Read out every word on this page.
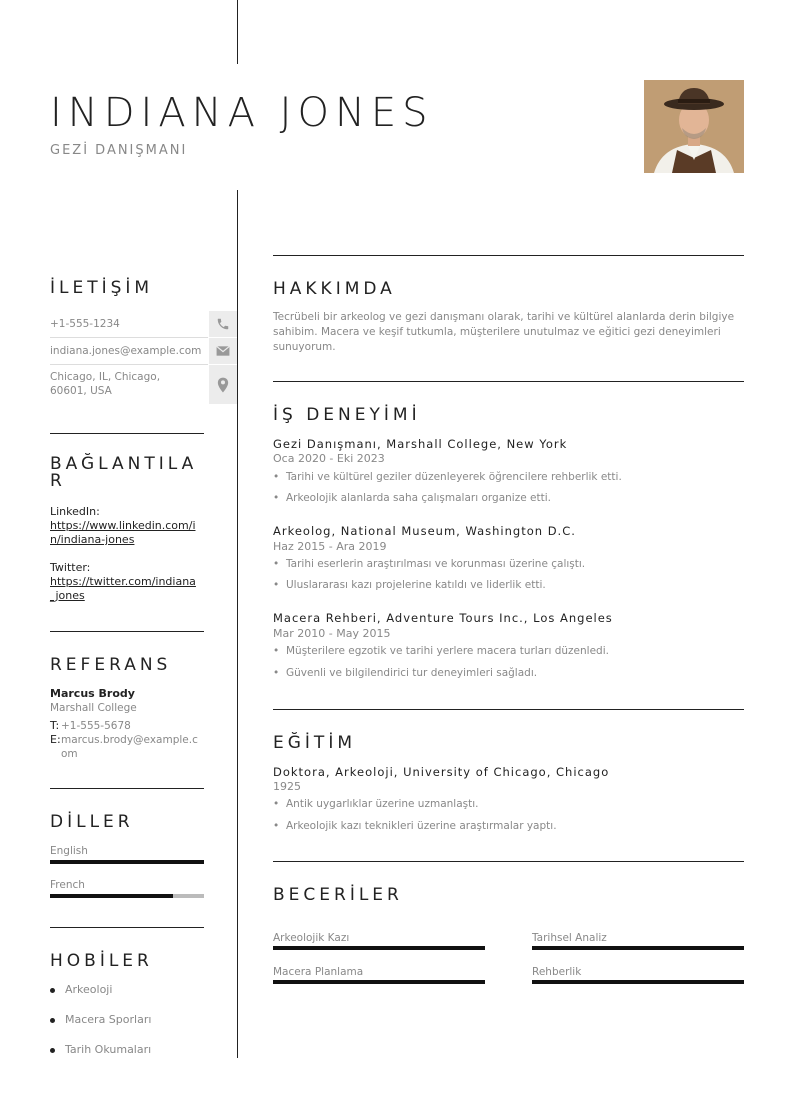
INDIANA JONES
GEZİ DANIŞMANI
İLETİŞİM
+1-555-1234
indiana.jones@example.com
Chicago, IL, Chicago, 60601, USA
BAĞLANTILA R
LinkedIn:
https://www.linkedin.com/in/indiana-jones
Twitter:
https://twitter.com/indiana_jones
REFERANS
Marcus Brody
Marshall College
T: +1-555-5678
E: marcus.brody@example.com
DİLLER
English
French
HOBİLER
Arkeoloji
Macera Sporları
Tarih Okumaları
HAKKIMDA
Tecrübeli bir arkeolog ve gezi danışmanı olarak, tarihi ve kültürel alanlarda derin bilgiye sahibim. Macera ve keşif tutkumla, müşterilere unutulmaz ve eğitici gezi deneyimleri sunuyorum.
İŞ DENEYİMİ
Gezi Danışmanı, Marshall College, New York
Oca 2020 - Eki 2023
• Tarihi ve kültürel geziler düzenleyerek öğrencilere rehberlik etti.
• Arkeolojik alanlarda saha çalışmaları organize etti.
Arkeolog, National Museum, Washington D.C.
Haz 2015 - Ara 2019
• Tarihi eserlerin araştırılması ve korunması üzerine çalıştı.
• Uluslararası kazı projelerine katıldı ve liderlik etti.
Macera Rehberi, Adventure Tours Inc., Los Angeles
Mar 2010 - May 2015
• Müşterilere egzotik ve tarihi yerlere macera turları düzenledi.
• Güvenli ve bilgilendirici tur deneyimleri sağladı.
EĞİTİM
Doktora, Arkeoloji, University of Chicago, Chicago
1925
• Antik uygarlıklar üzerine uzmanlaştı.
• Arkeolojik kazı teknikleri üzerine araştırmalar yaptı.
BECERİLER
Arkeolojik Kazı	Tarihsel Analiz
Macera Planlama	Rehberlik
